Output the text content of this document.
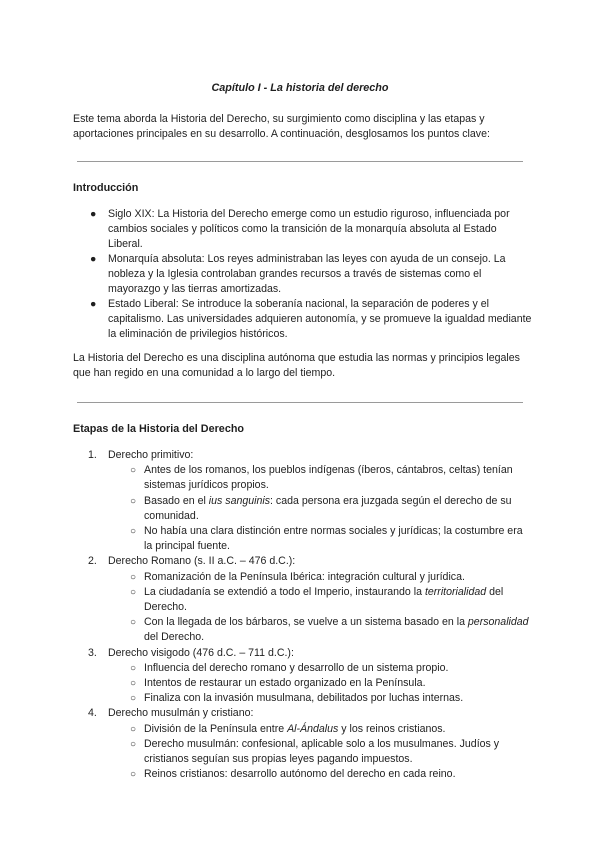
Capítulo I - La historia del derecho

Este tema aborda la Historia del Derecho, su surgimiento como disciplina y las etapas y aportaciones principales en su desarrollo. A continuación, desglosamos los puntos clave:

Introducción
● Siglo XIX: La Historia del Derecho emerge como un estudio riguroso, influenciada por cambios sociales y políticos como la transición de la monarquía absoluta al Estado Liberal.
● Monarquía absoluta: Los reyes administraban las leyes con ayuda de un consejo. La nobleza y la Iglesia controlaban grandes recursos a través de sistemas como el mayorazgo y las tierras amortizadas.
● Estado Liberal: Se introduce la soberanía nacional, la separación de poderes y el capitalismo. Las universidades adquieren autonomía, y se promueve la igualdad mediante la eliminación de privilegios históricos.

La Historia del Derecho es una disciplina autónoma que estudia las normas y principios legales que han regido en una comunidad a lo largo del tiempo.

Etapas de la Historia del Derecho
1. Derecho primitivo:
○ Antes de los romanos, los pueblos indígenas (íberos, cántabros, celtas) tenían sistemas jurídicos propios.
○ Basado en el ius sanguinis: cada persona era juzgada según el derecho de su comunidad.
○ No había una clara distinción entre normas sociales y jurídicas; la costumbre era la principal fuente.
2. Derecho Romano (s. II a.C. – 476 d.C.):
○ Romanización de la Península Ibérica: integración cultural y jurídica.
○ La ciudadanía se extendió a todo el Imperio, instaurando la territorialidad del Derecho.
○ Con la llegada de los bárbaros, se vuelve a un sistema basado en la personalidad del Derecho.
3. Derecho visigodo (476 d.C. – 711 d.C.):
○ Influencia del derecho romano y desarrollo de un sistema propio.
○ Intentos de restaurar un estado organizado en la Península.
○ Finaliza con la invasión musulmana, debilitados por luchas internas.
4. Derecho musulmán y cristiano:
○ División de la Península entre Al-Ándalus y los reinos cristianos.
○ Derecho musulmán: confesional, aplicable solo a los musulmanes. Judíos y cristianos seguían sus propias leyes pagando impuestos.
○ Reinos cristianos: desarrollo autónomo del derecho en cada reino.
